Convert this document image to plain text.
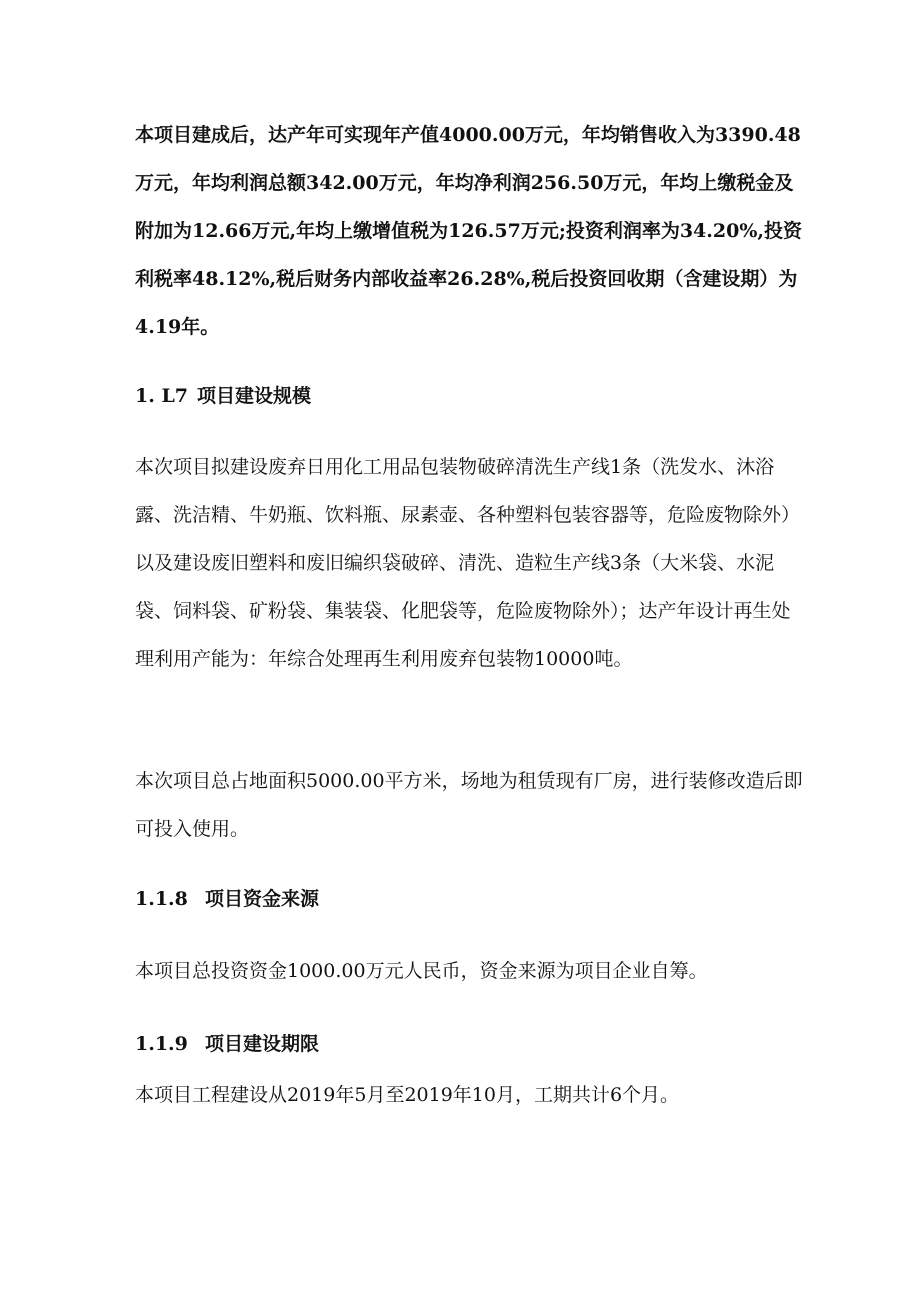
本项目建成后，达产年可实现年产值4000.00万元，年均销售收入为3390.48万元，年均利润总额342.00万元，年均净利润256.50万元，年均上缴税金及附加为12.66万元,年均上缴增值税为126.57万元;投资利润率为34.20%,投资利税率48.12%,税后财务内部收益率26.28%,税后投资回收期（含建设期）为4.19年。

1. L7 项目建设规模

本次项目拟建设废弃日用化工用品包装物破碎清洗生产线1条（洗发水、沐浴露、洗洁精、牛奶瓶、饮料瓶、尿素壶、各种塑料包装容器等，危险废物除外）以及建设废旧塑料和废旧编织袋破碎、清洗、造粒生产线3条（大米袋、水泥袋、饲料袋、矿粉袋、集装袋、化肥袋等，危险废物除外）；达产年设计再生处理利用产能为：年综合处理再生利用废弃包装物10000吨。

本次项目总占地面积5000.00平方米，场地为租赁现有厂房，进行装修改造后即可投入使用。

1.1.8 项目资金来源

本项目总投资资金1000.00万元人民币，资金来源为项目企业自筹。

1.1.9 项目建设期限

本项目工程建设从2019年5月至2019年10月，工期共计6个月。
